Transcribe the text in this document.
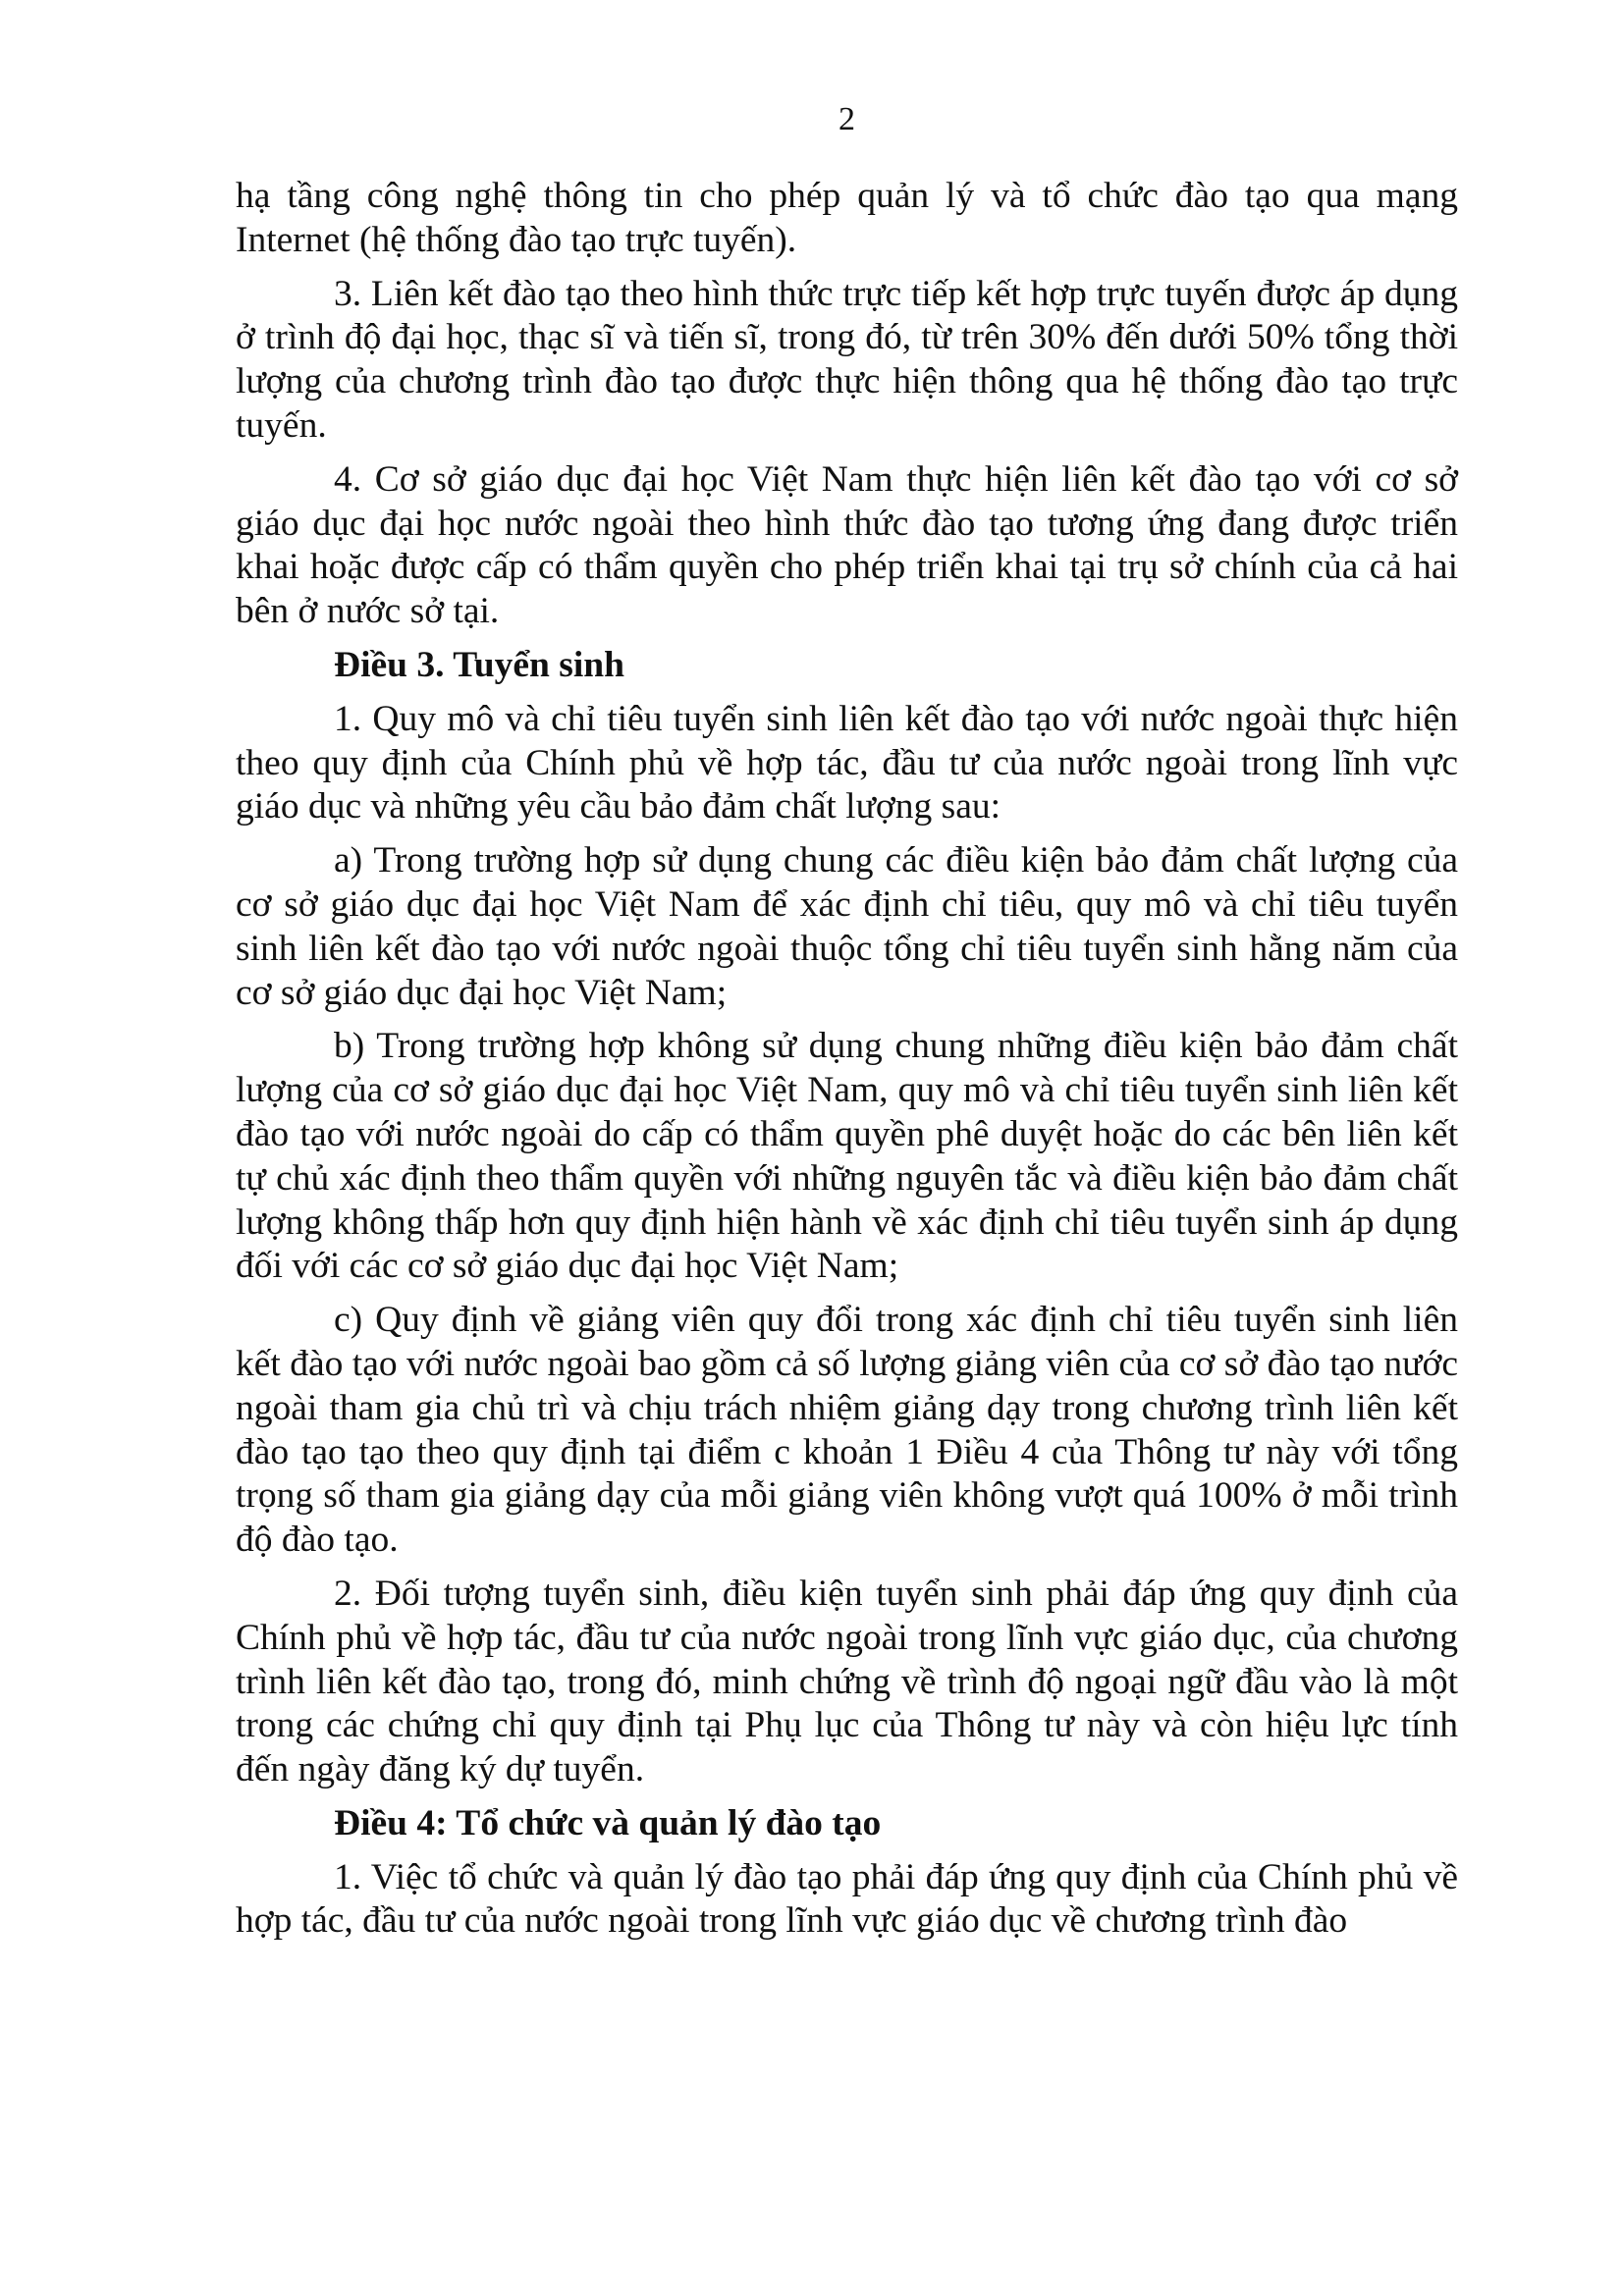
2

hạ tầng công nghệ thông tin cho phép quản lý và tổ chức đào tạo qua mạng Internet (hệ thống đào tạo trực tuyến).

3. Liên kết đào tạo theo hình thức trực tiếp kết hợp trực tuyến được áp dụng ở trình độ đại học, thạc sĩ và tiến sĩ, trong đó, từ trên 30% đến dưới 50% tổng thời lượng của chương trình đào tạo được thực hiện thông qua hệ thống đào tạo trực tuyến.

4. Cơ sở giáo dục đại học Việt Nam thực hiện liên kết đào tạo với cơ sở giáo dục đại học nước ngoài theo hình thức đào tạo tương ứng đang được triển khai hoặc được cấp có thẩm quyền cho phép triển khai tại trụ sở chính của cả hai bên ở nước sở tại.

Điều 3. Tuyển sinh

1. Quy mô và chỉ tiêu tuyển sinh liên kết đào tạo với nước ngoài thực hiện theo quy định của Chính phủ về hợp tác, đầu tư của nước ngoài trong lĩnh vực giáo dục và những yêu cầu bảo đảm chất lượng sau:

a) Trong trường hợp sử dụng chung các điều kiện bảo đảm chất lượng của cơ sở giáo dục đại học Việt Nam để xác định chỉ tiêu, quy mô và chỉ tiêu tuyển sinh liên kết đào tạo với nước ngoài thuộc tổng chỉ tiêu tuyển sinh hằng năm của cơ sở giáo dục đại học Việt Nam;

b) Trong trường hợp không sử dụng chung những điều kiện bảo đảm chất lượng của cơ sở giáo dục đại học Việt Nam, quy mô và chỉ tiêu tuyển sinh liên kết đào tạo với nước ngoài do cấp có thẩm quyền phê duyệt hoặc do các bên liên kết tự chủ xác định theo thẩm quyền với những nguyên tắc và điều kiện bảo đảm chất lượng không thấp hơn quy định hiện hành về xác định chỉ tiêu tuyển sinh áp dụng đối với các cơ sở giáo dục đại học Việt Nam;

c) Quy định về giảng viên quy đổi trong xác định chỉ tiêu tuyển sinh liên kết đào tạo với nước ngoài bao gồm cả số lượng giảng viên của cơ sở đào tạo nước ngoài tham gia chủ trì và chịu trách nhiệm giảng dạy trong chương trình liên kết đào tạo tạo theo quy định tại điểm c khoản 1 Điều 4 của Thông tư này với tổng trọng số tham gia giảng dạy của mỗi giảng viên không vượt quá 100% ở mỗi trình độ đào tạo.

2. Đối tượng tuyển sinh, điều kiện tuyển sinh phải đáp ứng quy định của Chính phủ về hợp tác, đầu tư của nước ngoài trong lĩnh vực giáo dục, của chương trình liên kết đào tạo, trong đó, minh chứng về trình độ ngoại ngữ đầu vào là một trong các chứng chỉ quy định tại Phụ lục của Thông tư này và còn hiệu lực tính đến ngày đăng ký dự tuyển.

Điều 4: Tổ chức và quản lý đào tạo

1. Việc tổ chức và quản lý đào tạo phải đáp ứng quy định của Chính phủ về hợp tác, đầu tư của nước ngoài trong lĩnh vực giáo dục về chương trình đào
